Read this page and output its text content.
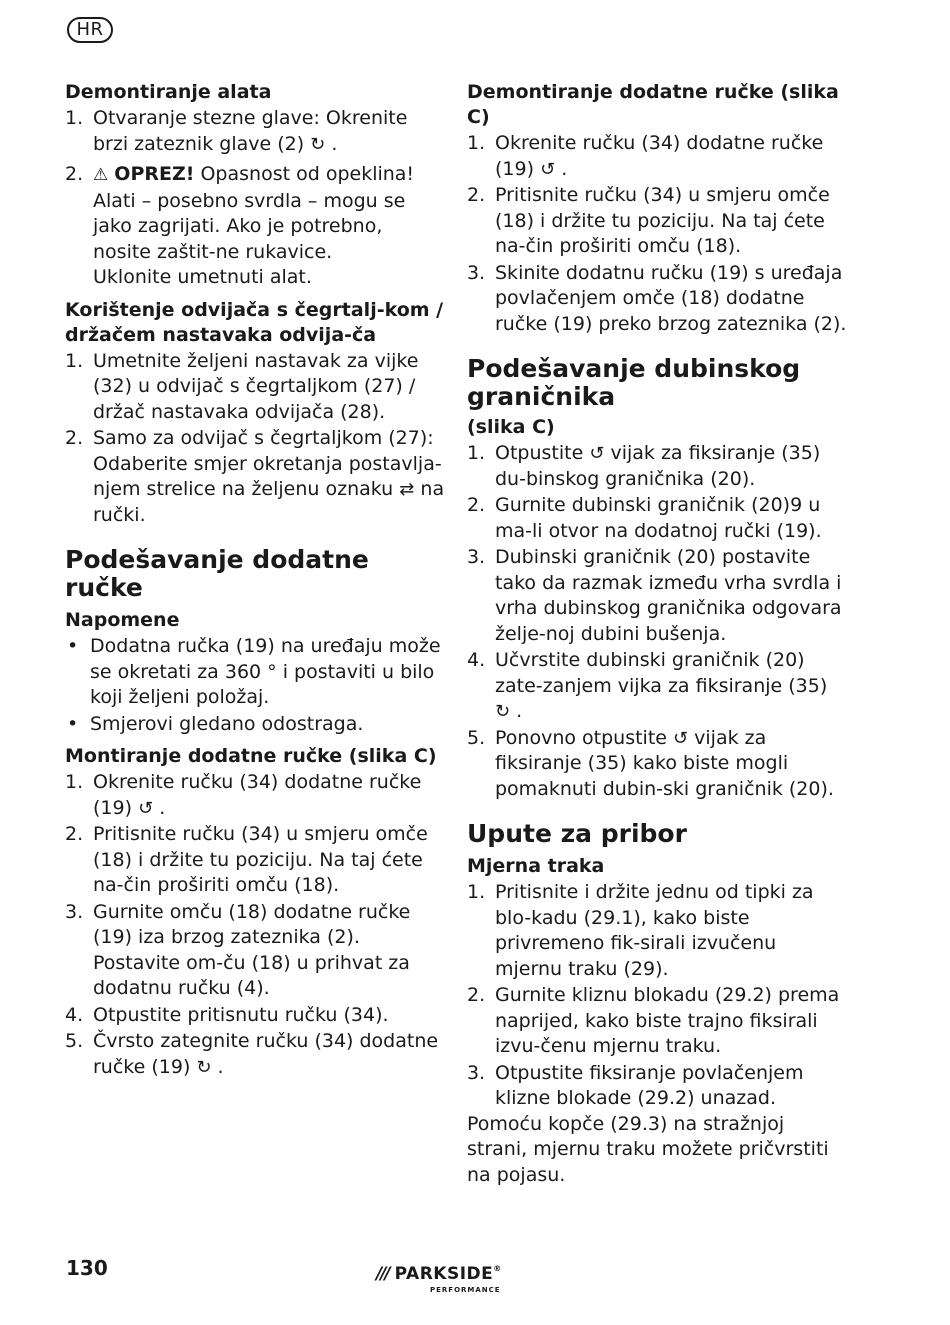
HR
Demontiranje alata
1. Otvaranje stezne glave: Okrenite brzi zateznik glave (2) ↻ .
2. ⚠ OPREZ! Opasnost od opeklina! Alati – posebno svrdla – mogu se jako zagrijati. Ako je potrebno, nosite zaštit-ne rukavice.
Uklonite umetnuti alat.
Korištenje odvijača s čegrtalj-kom / držačem nastavaka odvija-ča
1. Umetnite željeni nastavak za vijke (32) u odvijač s čegrtaljkom (27) / držač nastavaka odvijača (28).
2. Samo za odvijač s čegrtaljkom (27): Odaberite smjer okretanja postavlja-njem strelice na željenu oznaku ⇄ na ručki.
Podešavanje dodatne ručke
Napomene
• Dodatna ručka (19) na uređaju može se okretati za 360 ° i postaviti u bilo koji željeni položaj.
• Smjerovi gledano odostraga.
Montiranje dodatne ručke (slika C)
1. Okrenite ručku (34) dodatne ručke (19) ↺ .
2. Pritisnite ručku (34) u smjeru omče (18) i držite tu poziciju. Na taj ćete na-čin proširiti omču (18).
3. Gurnite omču (18) dodatne ručke (19) iza brzog zateznika (2). Postavite om-ču (18) u prihvat za dodatnu ručku (4).
4. Otpustite pritisnutu ručku (34).
5. Čvrsto zategnite ručku (34) dodatne ručke (19) ↻ .
Demontiranje dodatne ručke (slika C)
1. Okrenite ručku (34) dodatne ručke (19) ↺ .
2. Pritisnite ručku (34) u smjeru omče (18) i držite tu poziciju. Na taj ćete na-čin proširiti omču (18).
3. Skinite dodatnu ručku (19) s uređaja povlačenjem omče (18) dodatne ručke (19) preko brzog zateznika (2).
Podešavanje dubinskog graničnika
(slika C)
1. Otpustite ↺ vijak za fiksiranje (35) du-binskog graničnika (20).
2. Gurnite dubinski graničnik (20)9 u ma-li otvor na dodatnoj ručki (19).
3. Dubinski graničnik (20) postavite tako da razmak između vrha svrdla i vrha dubinskog graničnika odgovara želje-noj dubini bušenja.
4. Učvrstite dubinski graničnik (20) zate-zanjem vijka za fiksiranje (35) ↻ .
5. Ponovno otpustite ↺ vijak za fiksiranje (35) kako biste mogli pomaknuti dubin-ski graničnik (20).
Upute za pribor
Mjerna traka
1. Pritisnite i držite jednu od tipki za blo-kadu (29.1), kako biste privremeno fik-sirali izvučenu mjernu traku (29).
2. Gurnite kliznu blokadu (29.2) prema naprijed, kako biste trajno fiksirali izvu-čenu mjernu traku.
3. Otpustite fiksiranje povlačenjem klizne blokade (29.2) unazad.
Pomoću kopče (29.3) na stražnjoj strani, mjernu traku možete pričvrstiti na pojasu.
130	/// PARKSIDE®
PERFORMANCE
